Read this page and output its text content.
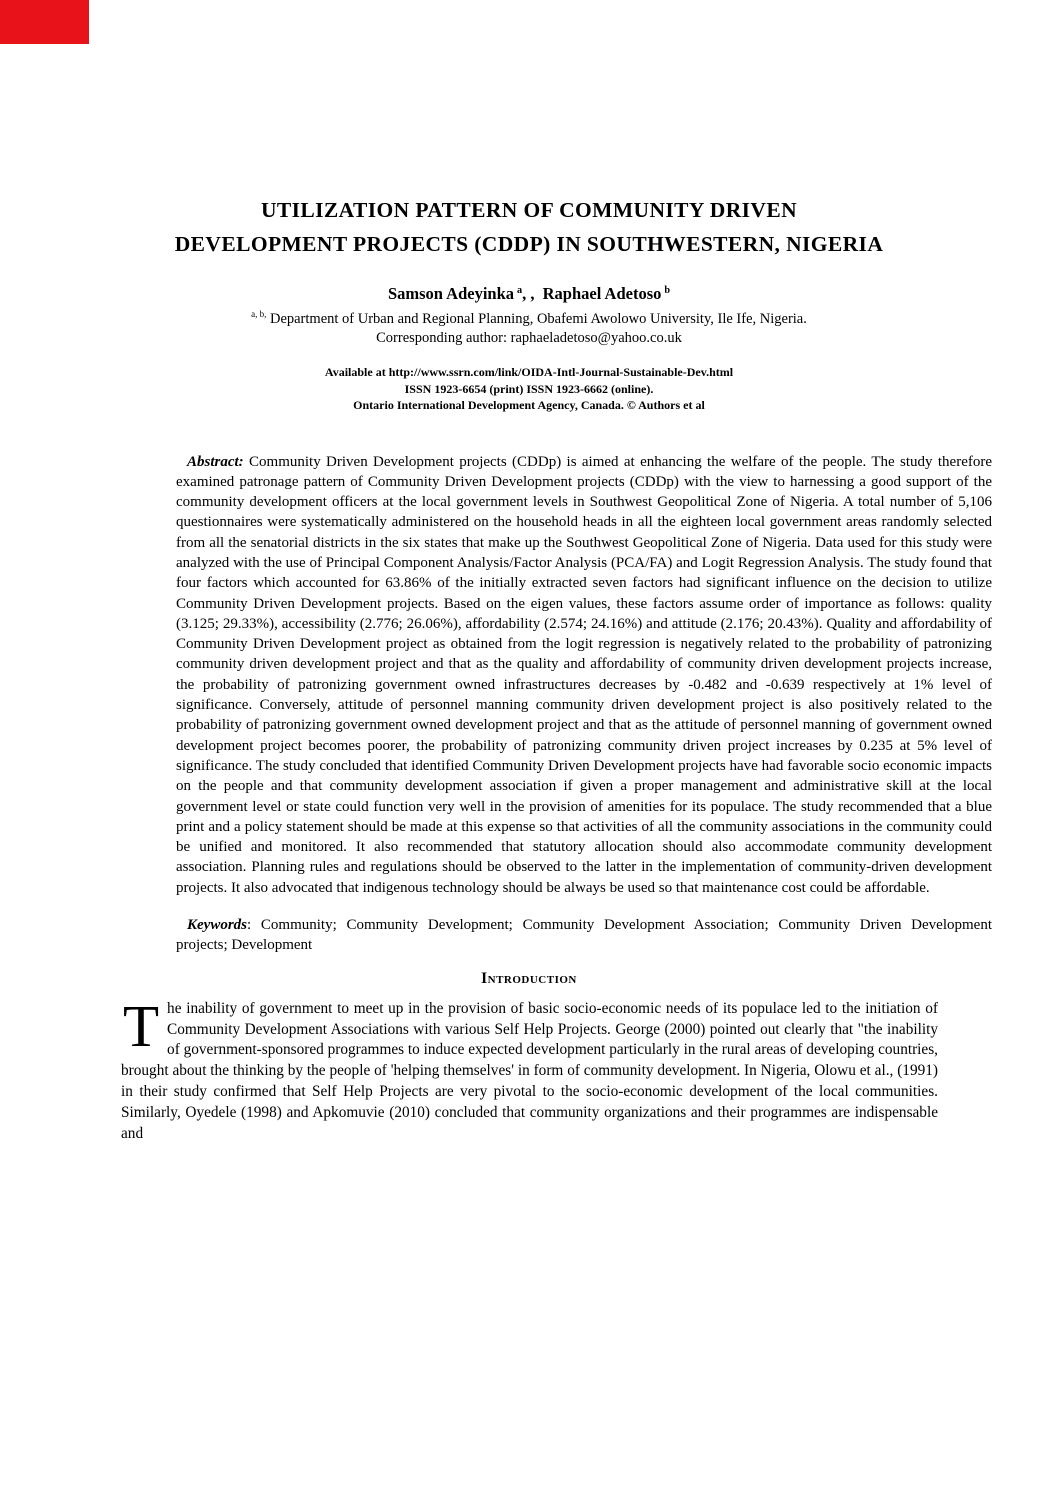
UTILIZATION PATTERN OF COMMUNITY DRIVEN
DEVELOPMENT PROJECTS (CDDP) IN SOUTHWESTERN, NIGERIA

Samson Adeyinka $^a$, , Raphael Adetoso $^b$

$^{a, b,}$ Department of Urban and Regional Planning, Obafemi Awolowo University, Ile Ife, Nigeria.

Corresponding author: raphaeladetoso@yahoo.co.uk

Available at http://www.ssrn.com/link/OIDA-Intl-Journal-Sustainable-Dev.html
ISSN 1923-6654 (print) ISSN 1923-6662 (online).
Ontario International Development Agency, Canada. © Authors et al

Abstract: Community Driven Development projects (CDDp) is aimed at enhancing the welfare of the people. The study therefore examined patronage pattern of Community Driven Development projects (CDDp) with the view to harnessing a good support of the community development officers at the local government levels in Southwest Geopolitical Zone of Nigeria. A total number of 5,106 questionnaires were systematically administered on the household heads in all the eighteen local government areas randomly selected from all the senatorial districts in the six states that make up the Southwest Geopolitical Zone of Nigeria. Data used for this study were analyzed with the use of Principal Component Analysis/Factor Analysis (PCA/FA) and Logit Regression Analysis. The study found that four factors which accounted for 63.86% of the initially extracted seven factors had significant influence on the decision to utilize Community Driven Development projects. Based on the eigen values, these factors assume order of importance as follows: quality (3.125; 29.33%), accessibility (2.776; 26.06%), affordability (2.574; 24.16%) and attitude (2.176; 20.43%). Quality and affordability of Community Driven Development project as obtained from the logit regression is negatively related to the probability of patronizing community driven development project and that as the quality and affordability of community driven development projects increase, the probability of patronizing government owned infrastructures decreases by -0.482 and -0.639 respectively at 1% level of significance. Conversely, attitude of personnel manning community driven development project is also positively related to the probability of patronizing government owned development project and that as the attitude of personnel manning of government owned development project becomes poorer, the probability of patronizing community driven project increases by 0.235 at 5% level of significance. The study concluded that identified Community Driven Development projects have had favorable socio economic impacts on the people and that community development association if given a proper management and administrative skill at the local government level or state could function very well in the provision of amenities for its populace. The study recommended that a blue print and a policy statement should be made at this expense so that activities of all the community associations in the community could be unified and monitored. It also recommended that statutory allocation should also accommodate community development association. Planning rules and regulations should be observed to the latter in the implementation of community-driven development projects. It also advocated that indigenous technology should be always be used so that maintenance cost could be affordable.

Keywords: Community; Community Development; Community Development Association; Community Driven Development projects; Development

Introduction

The inability of government to meet up in the provision of basic socio-economic needs of its populace led to the initiation of Community Development Associations with various Self Help Projects. George (2000) pointed out clearly that "the inability of government-sponsored programmes to induce expected development particularly in the rural areas of developing countries, brought about the thinking by the people of 'helping themselves' in form of community development. In Nigeria, Olowu et al., (1991) in their study confirmed that Self Help Projects are very pivotal to the socio-economic development of the local communities. Similarly, Oyedele (1998) and Apkomuvie (2010) concluded that community organizations and their programmes are indispensable and
